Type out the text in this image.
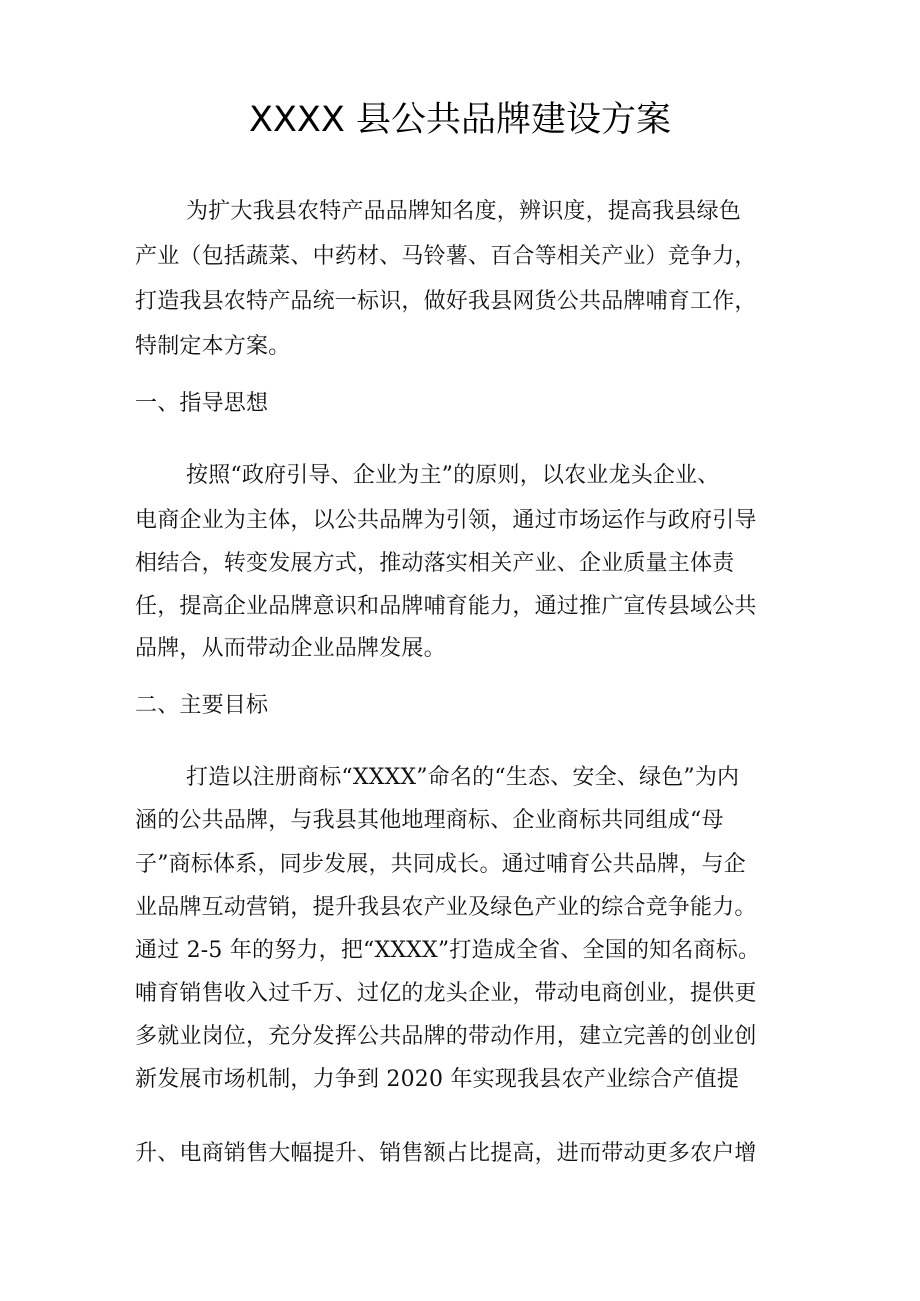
XXXX 县公共品牌建设方案
为扩大我县农特产品品牌知名度，辨识度，提高我县绿色
产业（包括蔬菜、中药材、马铃薯、百合等相关产业）竞争力，
打造我县农特产品统一标识，做好我县网货公共品牌哺育工作，
特制定本方案。
一、指导思想
按照“政府引导、企业为主”的原则，以农业龙头企业、
电商企业为主体，以公共品牌为引领，通过市场运作与政府引导
相结合，转变发展方式，推动落实相关产业、企业质量主体责
任，提高企业品牌意识和品牌哺育能力，通过推广宣传县域公共
品牌，从而带动企业品牌发展。
二、主要目标
打造以注册商标“XXXX”命名的“生态、安全、绿色”为内
涵的公共品牌，与我县其他地理商标、企业商标共同组成“母
子”商标体系，同步发展，共同成长。通过哺育公共品牌，与企
业品牌互动营销，提升我县农产业及绿色产业的综合竞争能力。
通过 2-5 年的努力，把“XXXX”打造成全省、全国的知名商标。
哺育销售收入过千万、过亿的龙头企业，带动电商创业，提供更
多就业岗位，充分发挥公共品牌的带动作用，建立完善的创业创
新发展市场机制，力争到 2020 年实现我县农产业综合产值提
升、电商销售大幅提升、销售额占比提高，进而带动更多农户增
